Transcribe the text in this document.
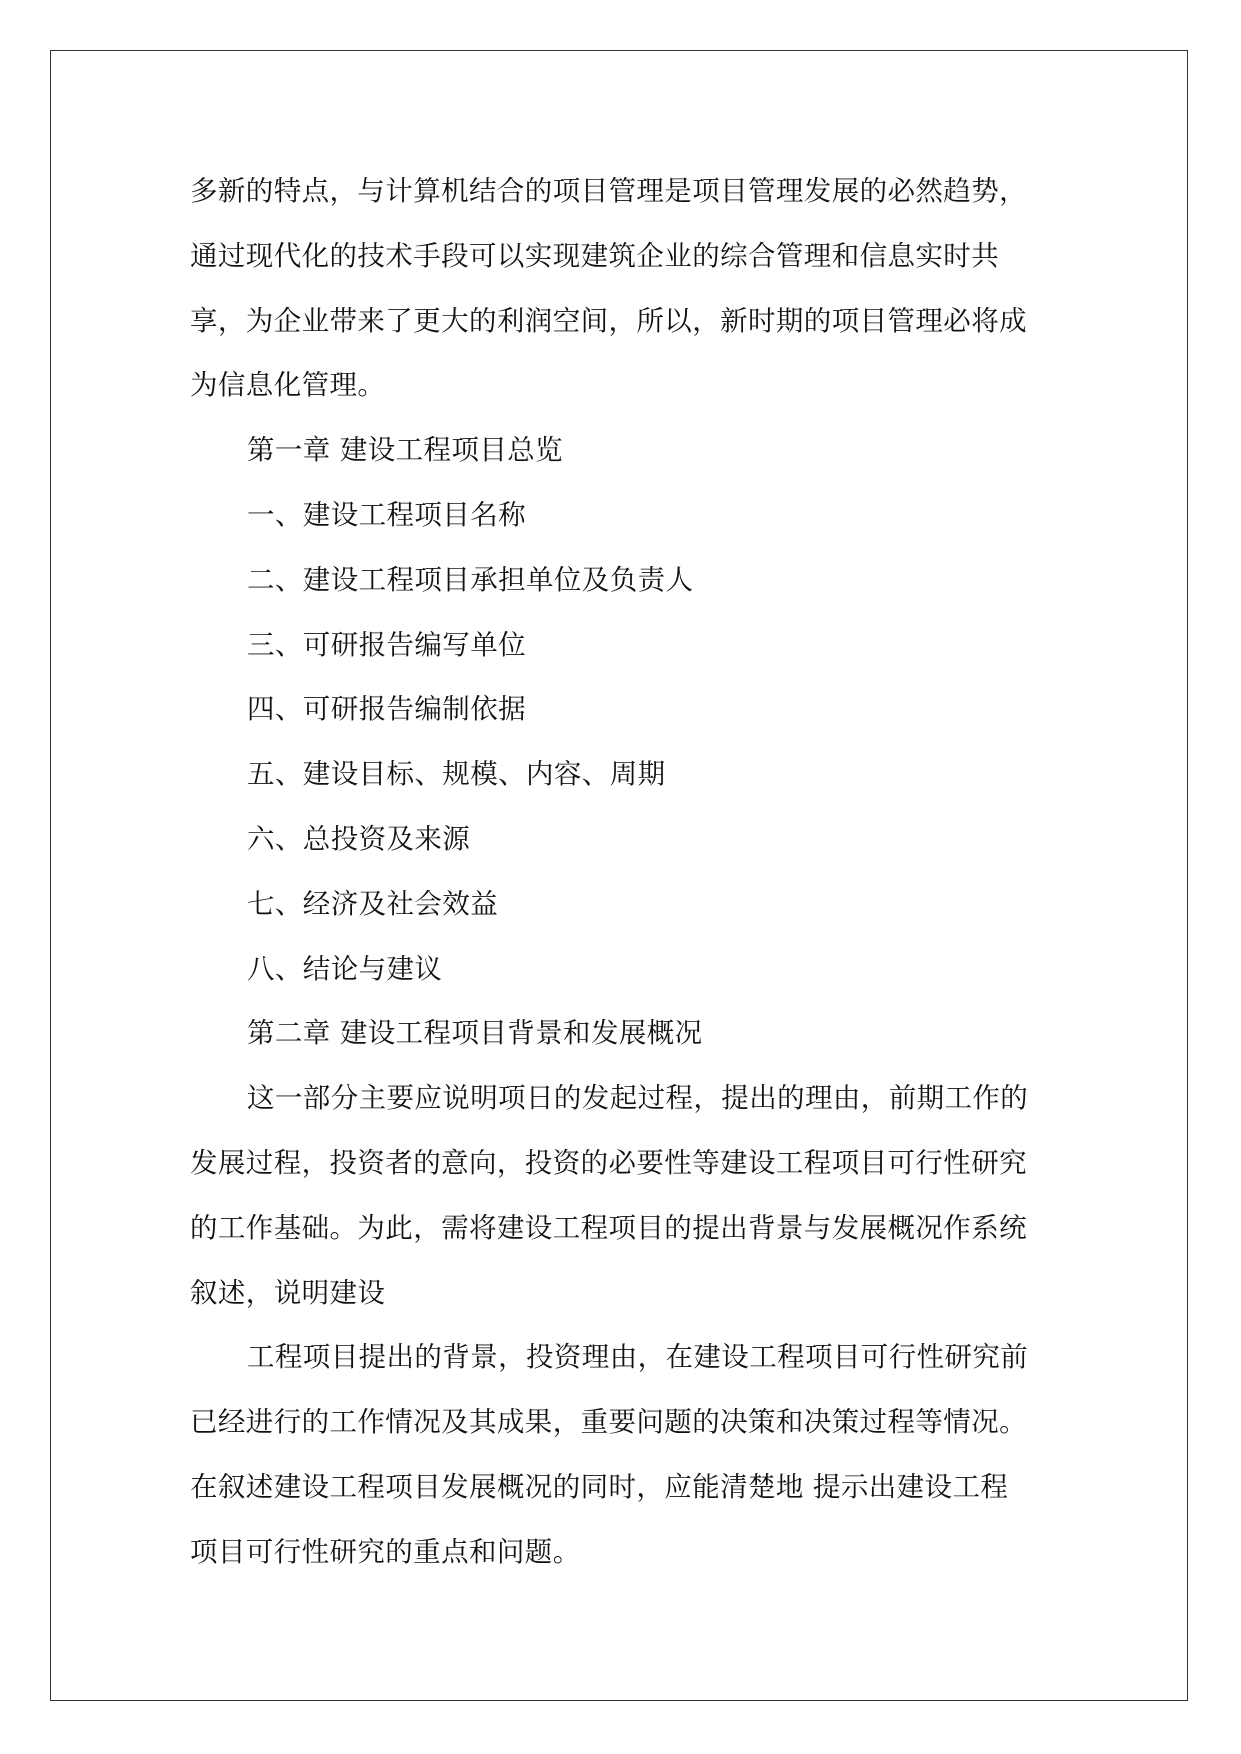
多新的特点，与计算机结合的项目管理是项目管理发展的必然趋势，
通过现代化的技术手段可以实现建筑企业的综合管理和信息实时共
享，为企业带来了更大的利润空间，所以，新时期的项目管理必将成
为信息化管理。
第一章 建设工程项目总览
一、建设工程项目名称
二、建设工程项目承担单位及负责人
三、可研报告编写单位
四、可研报告编制依据
五、建设目标、规模、内容、周期
六、总投资及来源
七、经济及社会效益
八、结论与建议
第二章 建设工程项目背景和发展概况
这一部分主要应说明项日的发起过程，提出的理由，前期工作的
发展过程，投资者的意向，投资的必要性等建设工程项目可行性研究
的工作基础。为此，需将建设工程项目的提出背景与发展概况作系统
叙述，说明建设
工程项目提出的背景，投资理由，在建设工程项目可行性研究前
已经进行的工作情况及其成果，重要问题的决策和决策过程等情况。
在叙述建设工程项目发展概况的同时，应能清楚地 提示出建设工程
项目可行性研究的重点和问题。
